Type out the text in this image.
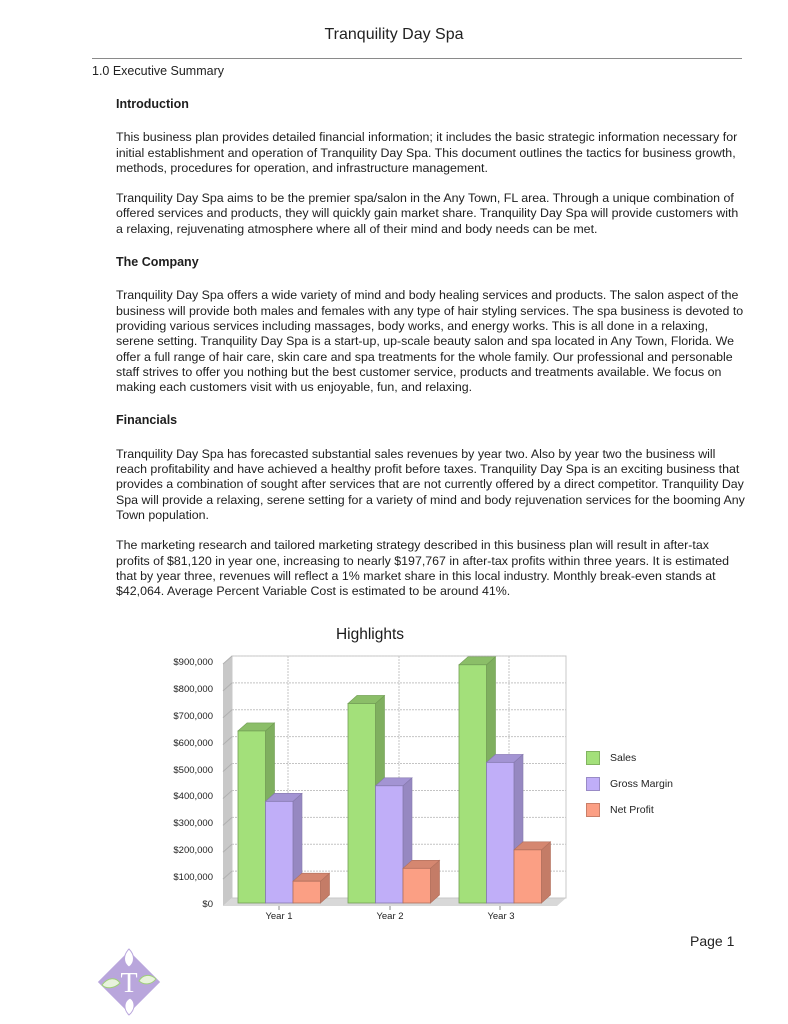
Tranquility Day Spa
1.0 Executive Summary
Introduction

This business plan provides detailed financial information; it includes the basic strategic information necessary for initial establishment and operation of Tranquility Day Spa. This document outlines the tactics for business growth, methods, procedures for operation, and infrastructure management.

Tranquility Day Spa aims to be the premier spa/salon in the Any Town, FL area. Through a unique combination of offered services and products, they will quickly gain market share. Tranquility Day Spa will provide customers with a relaxing, rejuvenating atmosphere where all of their mind and body needs can be met.

The Company

Tranquility Day Spa offers a wide variety of mind and body healing services and products. The salon aspect of the business will provide both males and females with any type of hair styling services. The spa business is devoted to providing various services including massages, body works, and energy works. This is all done in a relaxing, serene setting. Tranquility Day Spa is a start-up, up-scale beauty salon and spa located in Any Town, Florida. We offer a full range of hair care, skin care and spa treatments for the whole family. Our professional and personable staff strives to offer you nothing but the best customer service, products and treatments available. We focus on making each customers visit with us enjoyable, fun, and relaxing.

Financials

Tranquility Day Spa has forecasted substantial sales revenues by year two. Also by year two the business will reach profitability and have achieved a healthy profit before taxes. Tranquility Day Spa is an exciting business that provides a combination of sought after services that are not currently offered by a direct competitor. Tranquility Day Spa will provide a relaxing, serene setting for a variety of mind and body rejuvenation services for the booming Any Town population.

The marketing research and tailored marketing strategy described in this business plan will result in after-tax profits of $81,120 in year one, increasing to nearly $197,767 in after-tax profits within three years. It is estimated that by year three, revenues will reflect a 1% market share in this local industry. Monthly break-even stands at $42,064. Average Percent Variable Cost is estimated to be around 41%.

Highlights
$0
$100,000
$200,000
$300,000
$400,000
$500,000
$600,000
$700,000
$800,000
$900,000
Year 1	Year 2	Year 3
Sales
Gross Margin
Net Profit
Page 1
T
